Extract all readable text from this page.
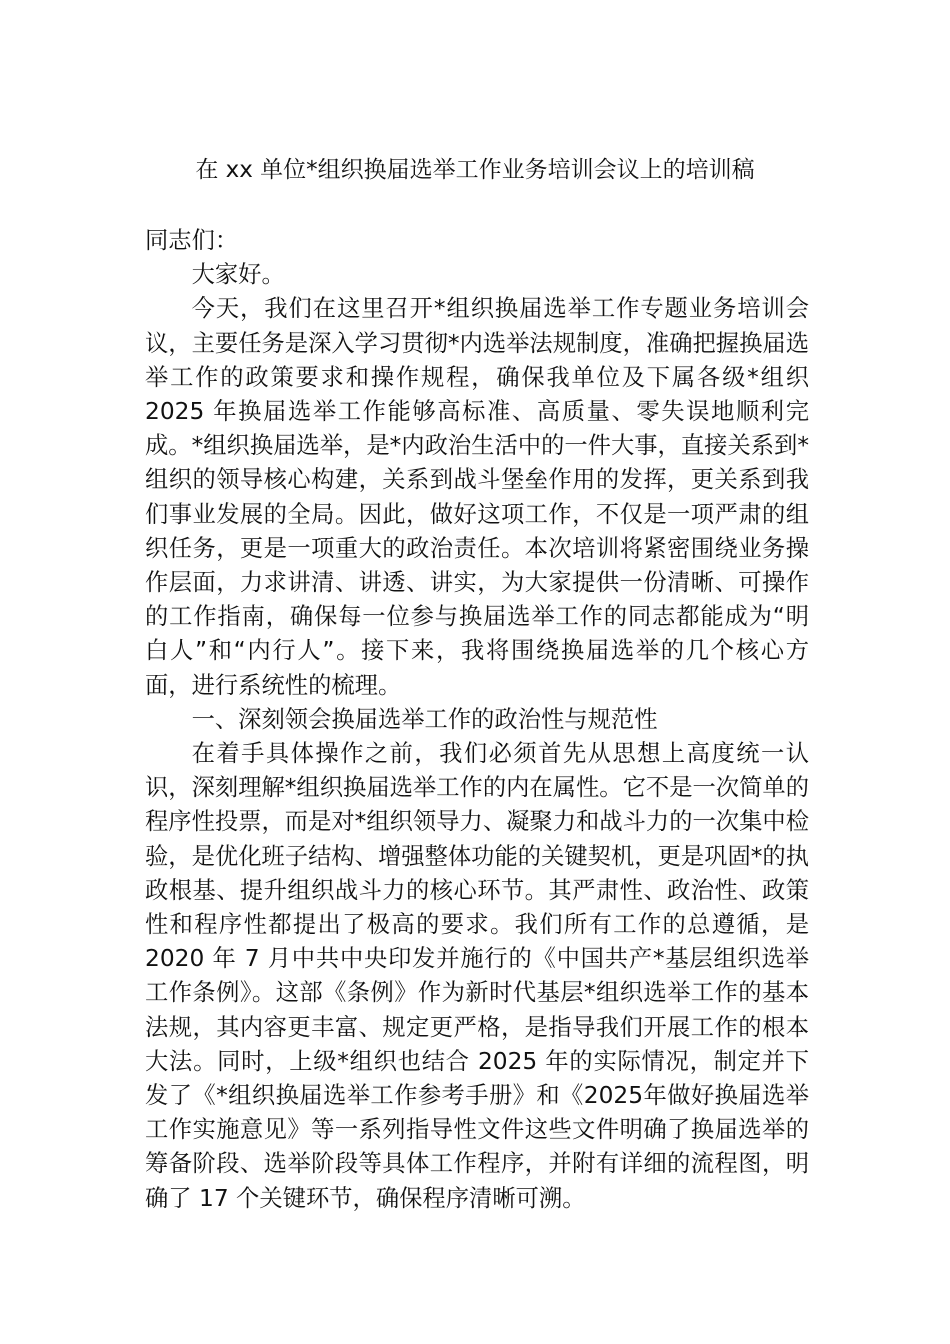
在 xx 单位*组织换届选举工作业务培训会议上的培训稿

同志们：

大家好。

今天，我们在这里召开*组织换届选举工作专题业务培训会议，主要任务是深入学习贯彻*内选举法规制度，准确把握换届选举工作的政策要求和操作规程，确保我单位及下属各级*组织2025 年换届选举工作能够高标准、高质量、零失误地顺利完成。*组织换届选举，是*内政治生活中的一件大事，直接关系到*组织的领导核心构建，关系到战斗堡垒作用的发挥，更关系到我们事业发展的全局。因此，做好这项工作，不仅是一项严肃的组织任务，更是一项重大的政治责任。本次培训将紧密围绕业务操作层面，力求讲清、讲透、讲实，为大家提供一份清晰、可操作的工作指南，确保每一位参与换届选举工作的同志都能成为“明白人”和“内行人”。接下来，我将围绕换届选举的几个核心方面，进行系统性的梳理。

一、深刻领会换届选举工作的政治性与规范性

在着手具体操作之前，我们必须首先从思想上高度统一认识，深刻理解*组织换届选举工作的内在属性。它不是一次简单的程序性投票，而是对*组织领导力、凝聚力和战斗力的一次集中检验，是优化班子结构、增强整体功能的关键契机，更是巩固*的执政根基、提升组织战斗力的核心环节。其严肃性、政治性、政策性和程序性都提出了极高的要求。我们所有工作的总遵循，是 2020 年 7 月中共中央印发并施行的《中国共产*基层组织选举工作条例》。这部《条例》作为新时代基层*组织选举工作的基本法规，其内容更丰富、规定更严格，是指导我们开展工作的根本大法。同时，上级*组织也结合 2025 年的实际情况，制定并下发了《*组织换届选举工作参考手册》和《2025年做好换届选举工作实施意见》等一系列指导性文件这些文件明确了换届选举的筹备阶段、选举阶段等具体工作程序，并附有详细的流程图，明确了 17 个关键环节，确保程序清晰可溯。
